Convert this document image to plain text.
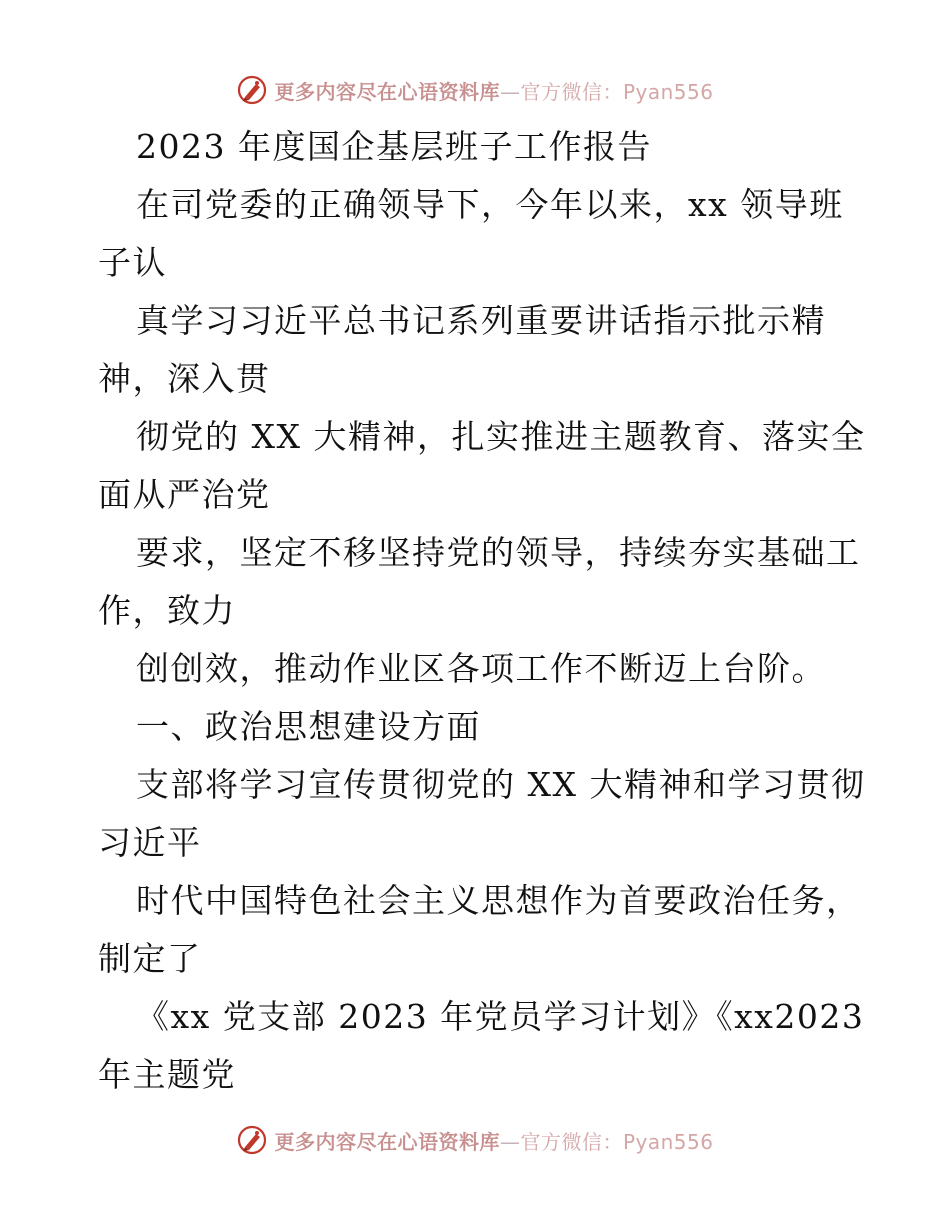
更多内容尽在心语资料库—官方微信：Pyan556
2023 年度国企基层班子工作报告
在司党委的正确领导下，今年以来，xx 领导班
子认
真学习习近平总书记系列重要讲话指示批示精
神，深入贯
彻党的 XX 大精神，扎实推进主题教育、落实全
面从严治党
要求，坚定不移坚持党的领导，持续夯实基础工
作，致力
创创效，推动作业区各项工作不断迈上台阶。
一、政治思想建设方面
支部将学习宣传贯彻党的 XX 大精神和学习贯彻
习近平
时代中国特色社会主义思想作为首要政治任务，
制定了
《xx 党支部 2023 年党员学习计划》《xx2023
年主题党
更多内容尽在心语资料库—官方微信：Pyan556
